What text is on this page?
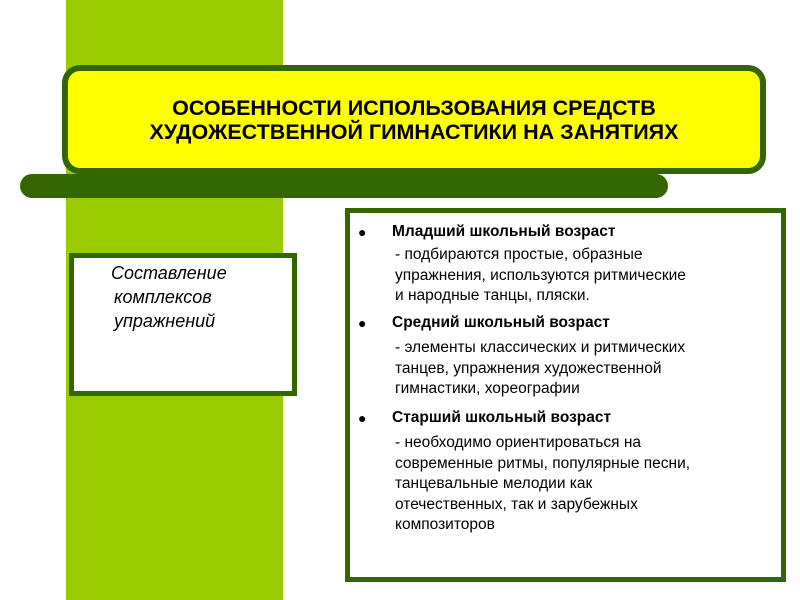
ОСОБЕННОСТИ ИСПОЛЬЗОВАНИЯ СРЕДСТВ
ХУДОЖЕСТВЕННОЙ ГИМНАСТИКИ НА ЗАНЯТИЯХ
Составление
комплексов
упражнений
● Младший школьный возраст
- подбираются простые, образные
упражнения, используются ритмические
и народные танцы, пляски.
● Средний школьный возраст
- элементы классических и ритмических
танцев, упражнения художественной
гимнастики, хореографии
● Старший школьный возраст
- необходимо ориентироваться на
современные ритмы, популярные песни,
танцевальные мелодии как
отечественных, так и зарубежных
композиторов
